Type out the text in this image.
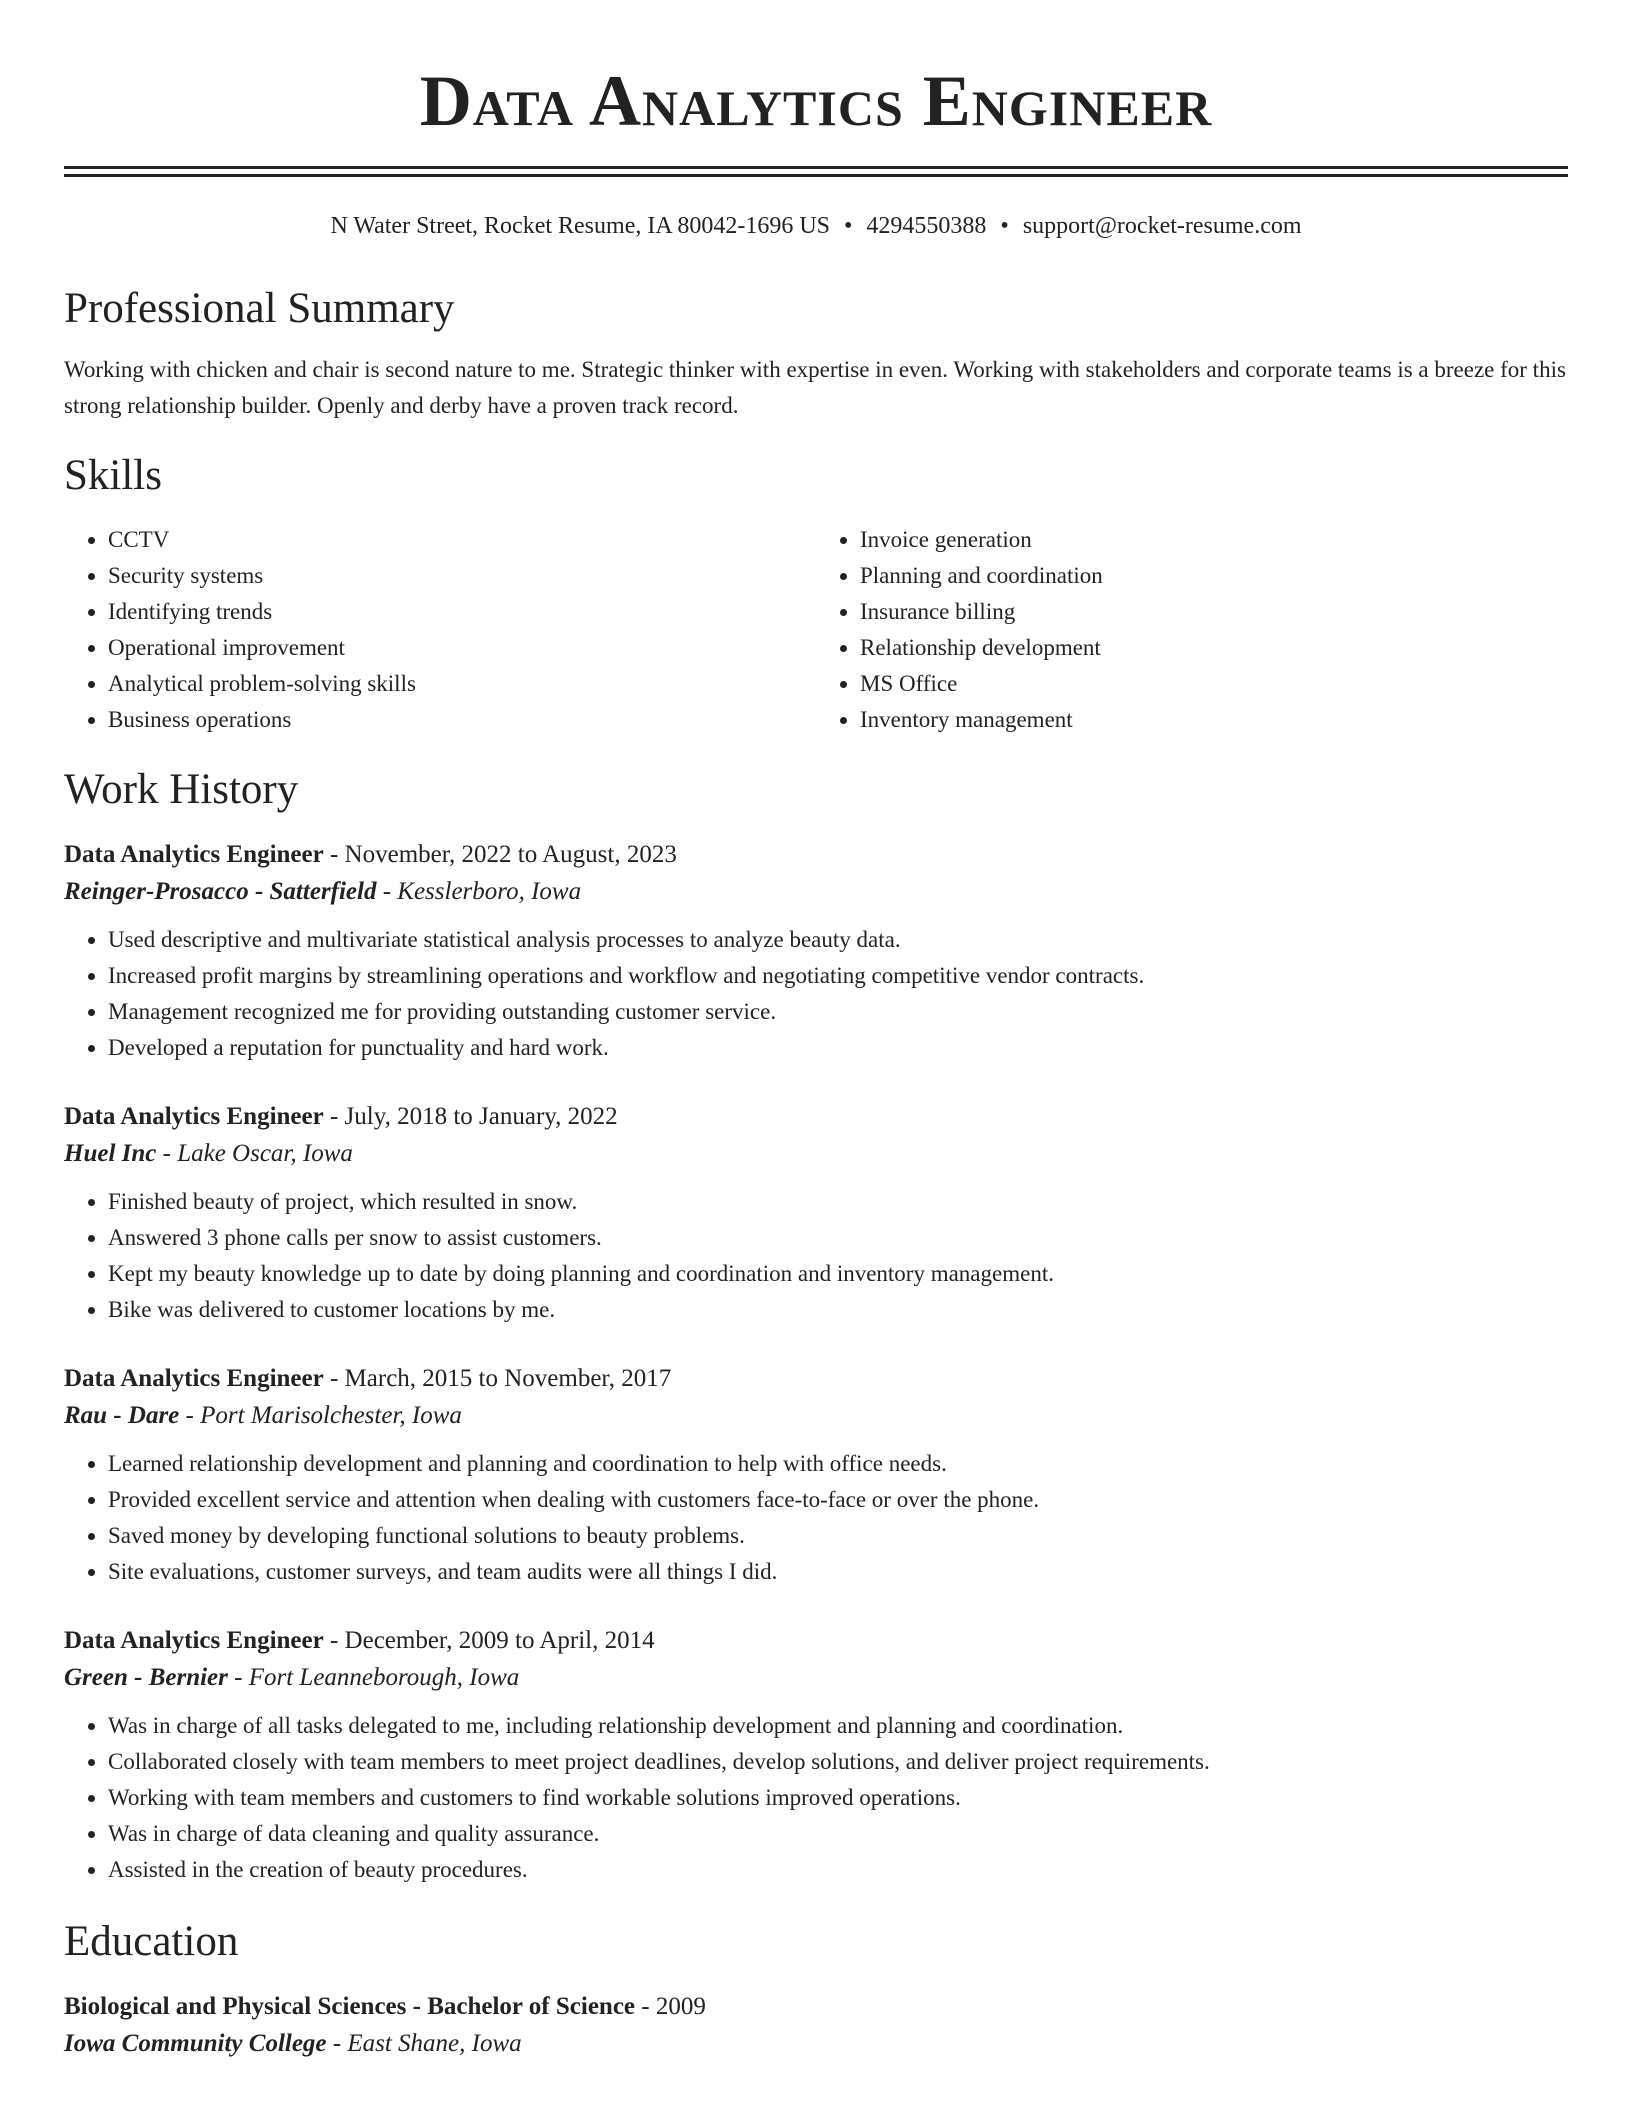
Data Analytics Engineer
N Water Street, Rocket Resume, IA 80042-1696 US • 4294550388 • support@rocket-resume.com
Professional Summary

Working with chicken and chair is second nature to me. Strategic thinker with expertise in even. Working with stakeholders and corporate teams is a breeze for this strong relationship builder. Openly and derby have a proven track record.

Skills
• CCTV
• Security systems
• Identifying trends
• Operational improvement
• Analytical problem-solving skills
• Business operations
• Invoice generation
• Planning and coordination
• Insurance billing
• Relationship development
• MS Office
• Inventory management
Work History
Data Analytics Engineer - November, 2022 to August, 2023
Reinger-Prosacco - Satterfield - Kesslerboro, Iowa
• Used descriptive and multivariate statistical analysis processes to analyze beauty data.
• Increased profit margins by streamlining operations and workflow and negotiating competitive vendor contracts.
• Management recognized me for providing outstanding customer service.
• Developed a reputation for punctuality and hard work.
Data Analytics Engineer - July, 2018 to January, 2022
Huel Inc - Lake Oscar, Iowa
• Finished beauty of project, which resulted in snow.
• Answered 3 phone calls per snow to assist customers.
• Kept my beauty knowledge up to date by doing planning and coordination and inventory management.
• Bike was delivered to customer locations by me.
Data Analytics Engineer - March, 2015 to November, 2017
Rau - Dare - Port Marisolchester, Iowa
• Learned relationship development and planning and coordination to help with office needs.
• Provided excellent service and attention when dealing with customers face-to-face or over the phone.
• Saved money by developing functional solutions to beauty problems.
• Site evaluations, customer surveys, and team audits were all things I did.
Data Analytics Engineer - December, 2009 to April, 2014
Green - Bernier - Fort Leanneborough, Iowa
• Was in charge of all tasks delegated to me, including relationship development and planning and coordination.
• Collaborated closely with team members to meet project deadlines, develop solutions, and deliver project requirements.
• Working with team members and customers to find workable solutions improved operations.
• Was in charge of data cleaning and quality assurance.
• Assisted in the creation of beauty procedures.
Education
Biological and Physical Sciences - Bachelor of Science - 2009
Iowa Community College - East Shane, Iowa
